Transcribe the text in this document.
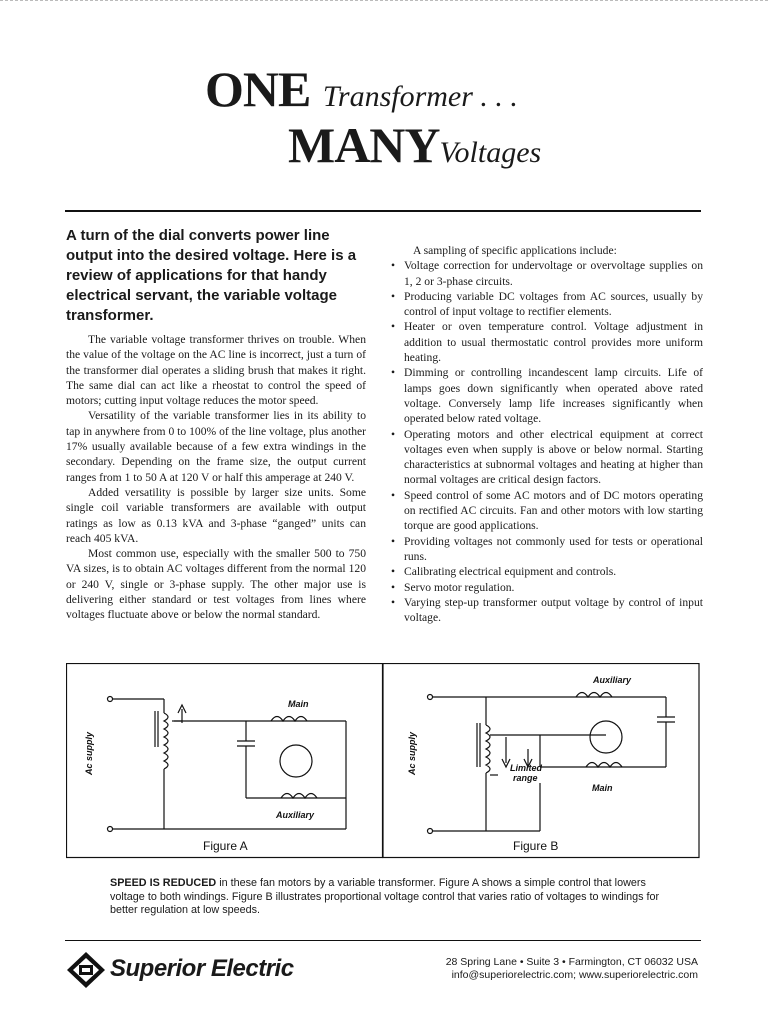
ONE Transformer . . .
MANYVoltages
A turn of the dial converts power line output into the desired voltage. Here is a review of applications for that handy electrical servant, the variable voltage transformer.

The variable voltage transformer thrives on trouble. When the value of the voltage on the AC line is incorrect, just a turn of the transformer dial operates a sliding brush that makes it right. The same dial can act like a rheostat to control the speed of motors; cutting input voltage reduces the motor speed.

Versatility of the variable transformer lies in its ability to tap in anywhere from 0 to 100% of the line voltage, plus another 17% usually available because of a few extra windings in the secondary. Depending on the frame size, the output current ranges from 1 to 50 A at 120 V or half this amperage at 240 V.

Added versatility is possible by larger size units. Some single coil variable transformers are available with output ratings as low as 0.13 kVA and 3-phase “ganged” units can reach 405 kVA.

Most common use, especially with the smaller 500 to 750 VA sizes, is to obtain AC voltages different from the normal 120 or 240 V, single or 3-phase supply. The other major use is delivering either standard or test voltages from lines where voltages fluctuate above or below the normal standard.

A sampling of specific applications include:

• Voltage correction for undervoltage or overvoltage supplies on 1, 2 or 3-phase circuits.
• Producing variable DC voltages from AC sources, usually by control of input voltage to rectifier elements.
• Heater or oven temperature control. Voltage adjustment in addition to usual thermostatic control provides more uniform heating.
• Dimming or controlling incandescent lamp circuits. Life of lamps goes down significantly when operated above rated voltage. Conversely lamp life increases significantly when operated below rated voltage.
• Operating motors and other electrical equipment at correct voltages even when supply is above or below normal. Starting characteristics at subnormal voltages and heating at higher than normal voltages are critical design factors.
• Speed control of some AC motors and of DC motors operating on rectified AC circuits. Fan and other motors with low starting torque are good applications.
• Providing voltages not commonly used for tests or operational runs.
• Calibrating electrical equipment and controls.
• Servo motor regulation.
• Varying step-up transformer output voltage by control of input voltage.
Main
Auxiliary
Ac supply
Auxiliary
Main
Limited
range
Ac supply
Figure A	Figure B
SPEED IS REDUCED in these fan motors by a variable transformer. Figure A shows a simple control that lowers voltage to both windings. Figure B illustrates proportional voltage control that varies ratio of voltages to windings for better regulation at low speeds.
Superior Electric	28 Spring Lane • Suite 3 • Farmington, CT 06032 USA
info@superiorelectric.com; www.superiorelectric.com
